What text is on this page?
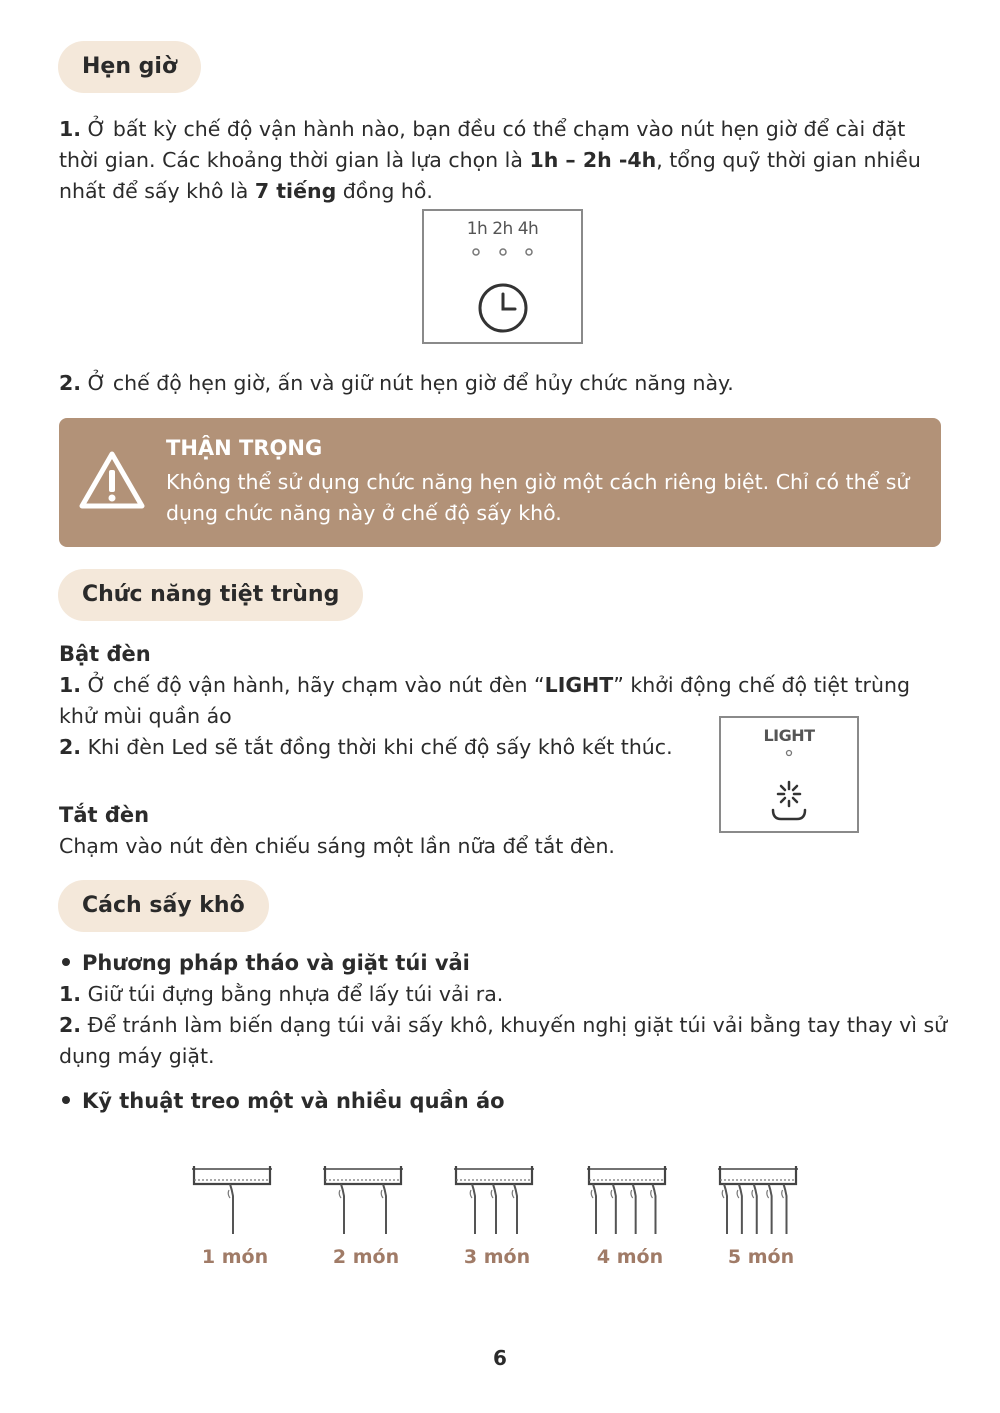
Hẹn giờ

1. Ở bất kỳ chế độ vận hành nào, bạn đều có thể chạm vào nút hẹn giờ để cài đặt thời gian. Các khoảng thời gian là lựa chọn là 1h – 2h -4h, tổng quỹ thời gian nhiều nhất để sấy khô là 7 tiếng đồng hồ.

1h 2h 4h

2. Ở chế độ hẹn giờ, ấn và giữ nút hẹn giờ để hủy chức năng này.

THẬN TRỌNG
Không thể sử dụng chức năng hẹn giờ một cách riêng biệt. Chỉ có thể sử dụng chức năng này ở chế độ sấy khô.
Chức năng tiệt trùng
Bật đèn

1. Ở chế độ vận hành, hãy chạm vào nút đèn “LIGHT” khởi động chế độ tiệt trùng khử mùi quần áo

2. Khi đèn Led sẽ tắt đồng thời khi chế độ sấy khô kết thúc.	LIGHT
Tắt đèn

Chạm vào nút đèn chiếu sáng một lần nữa để tắt đèn.

Cách sấy khô
Phương pháp tháo và giặt túi vải

1. Giữ túi đựng bằng nhựa để lấy túi vải ra.

2. Để tránh làm biến dạng túi vải sấy khô, khuyến nghị giặt túi vải bằng tay thay vì sử dụng máy giặt.

Kỹ thuật treo một và nhiều quần áo
1 món	2 món	3 món	4 món	5 món
6
